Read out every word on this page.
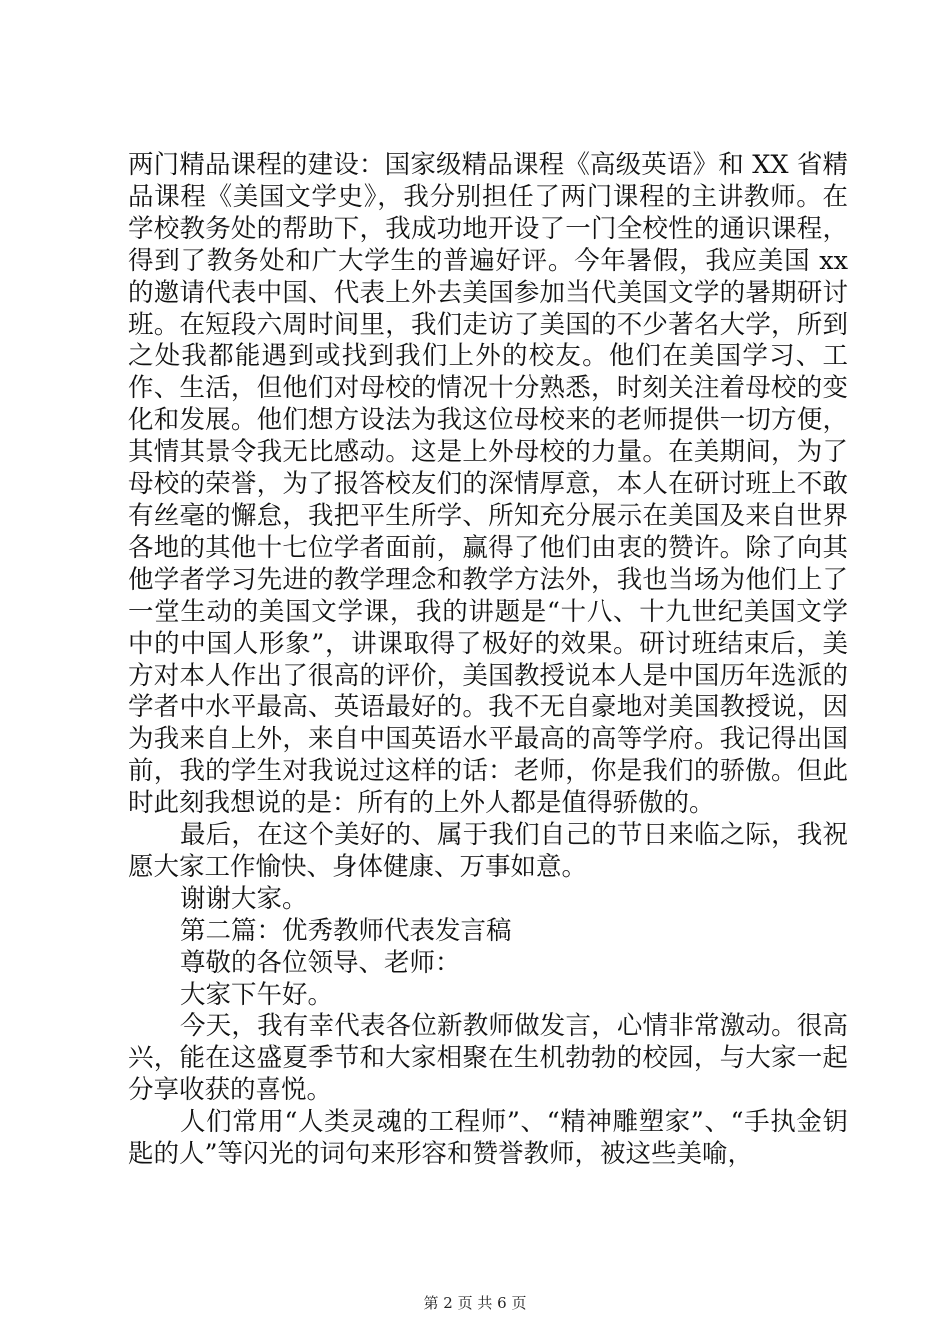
两门精品课程的建设：国家级精品课程《高级英语》和 XX 省精品课程《美国文学史》，我分别担任了两门课程的主讲教师。在学校教务处的帮助下，我成功地开设了一门全校性的通识课程，得到了教务处和广大学生的普遍好评。今年暑假，我应美国 xx 的邀请代表中国、代表上外去美国参加当代美国文学的暑期研讨班。在短段六周时间里，我们走访了美国的不少著名大学，所到之处我都能遇到或找到我们上外的校友。他们在美国学习、工作、生活，但他们对母校的情况十分熟悉，时刻关注着母校的变化和发展。他们想方设法为我这位母校来的老师提供一切方便，其情其景令我无比感动。这是上外母校的力量。在美期间，为了母校的荣誉，为了报答校友们的深情厚意，本人在研讨班上不敢有丝毫的懈怠，我把平生所学、所知充分展示在美国及来自世界各地的其他十七位学者面前，赢得了他们由衷的赞许。除了向其他学者学习先进的教学理念和教学方法外，我也当场为他们上了一堂生动的美国文学课，我的讲题是“十八、十九世纪美国文学中的中国人形象”，讲课取得了极好的效果。研讨班结束后，美方对本人作出了很高的评价，美国教授说本人是中国历年选派的学者中水平最高、英语最好的。我不无自豪地对美国教授说，因为我来自上外，来自中国英语水平最高的高等学府。我记得出国前，我的学生对我说过这样的话：老师，你是我们的骄傲。但此时此刻我想说的是：所有的上外人都是值得骄傲的。

最后，在这个美好的、属于我们自己的节日来临之际，我祝愿大家工作愉快、身体健康、万事如意。

谢谢大家。

第二篇：优秀教师代表发言稿

尊敬的各位领导、老师：

大家下午好。

今天，我有幸代表各位新教师做发言，心情非常激动。很高兴，能在这盛夏季节和大家相聚在生机勃勃的校园，与大家一起分享收获的喜悦。

人们常用“人类灵魂的工程师”、“精神雕塑家”、“手执金钥匙的人”等闪光的词句来形容和赞誉教师，被这些美喻，

第 2 页 共 6 页
